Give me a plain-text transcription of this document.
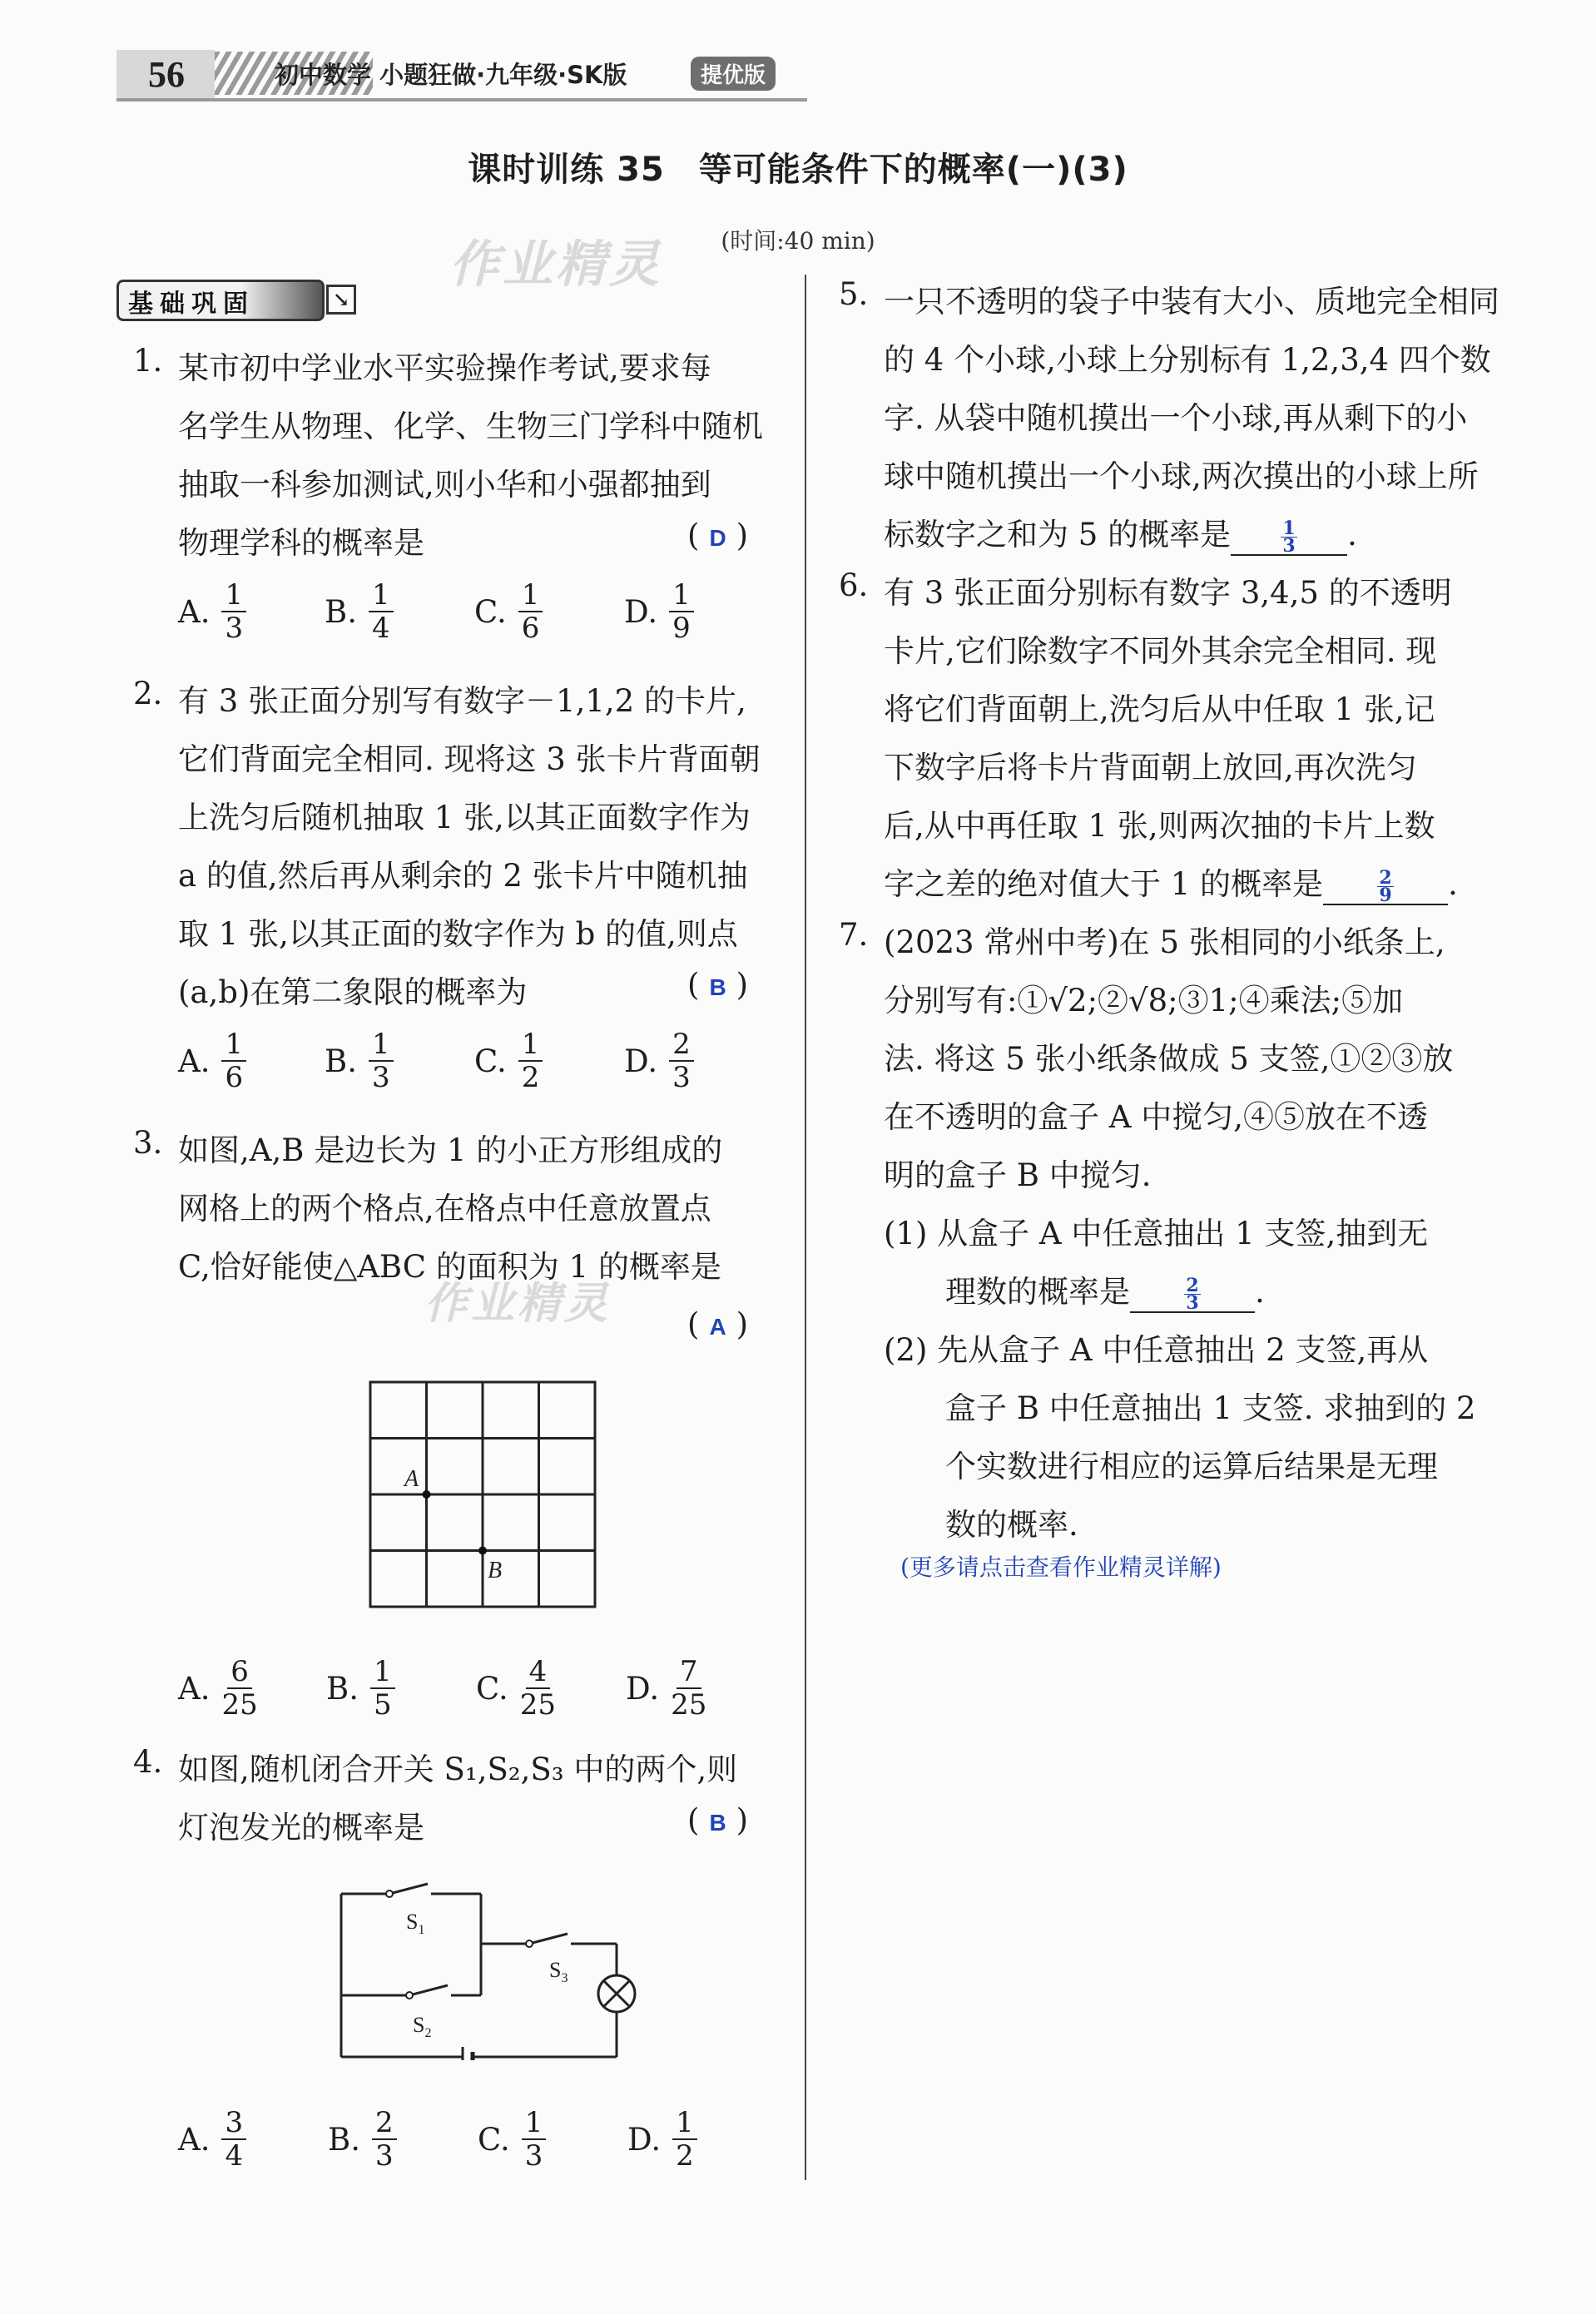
56	初中数学 小题狂做·九年级·SK版	提优版
课时训练 35　等可能条件下的概率(一)(3)
(时间:40 min)
作业精灵
作业精灵
基础巩固	↘
1. 某市初中学业水平实验操作考试,要求每
名学生从物理、化学、生物三门学科中随机
抽取一科参加测试,则小华和小强都抽到
物理学科的概率是	( D )
A. $\frac{1}{3}$	B. $\frac{1}{4}$	C. $\frac{1}{6}$	D. $\frac{1}{9}$
2. 有 3 张正面分别写有数字－1,1,2 的卡片,
它们背面完全相同. 现将这 3 张卡片背面朝
上洗匀后随机抽取 1 张,以其正面数字作为
a 的值,然后再从剩余的 2 张卡片中随机抽
取 1 张,以其正面的数字作为 b 的值,则点
(a,b)在第二象限的概率为	( B )
A. $\frac{1}{6}$	B. $\frac{1}{3}$	C. $\frac{1}{2}$	D. $\frac{2}{3}$
3. 如图,A,B 是边长为 1 的小正方形组成的
网格上的两个格点,在格点中任意放置点
C,恰好能使△ABC 的面积为 1 的概率是
( A )
A
B
A. $\frac{6}{25} B$. $\frac{1}{5}$	C. $\frac{4}{25} D$. $\frac{7}{25}$
4. 如图,随机闭合开关 S₁,S₂,S₃ 中的两个,则
灯泡发光的概率是	( B )
$S_1$
$S_2$
$S_3$
A. $\frac{3}{4}$	B. $\frac{2}{3}$	C. $\frac{1}{3}$	D. $\frac{1}{2}$
5. 一只不透明的袋子中装有大小、质地完全相同
的 4 个小球,小球上分别标有 1,2,3,4 四个数
字. 从袋中随机摸出一个小球,再从剩下的小
球中随机摸出一个小球,两次摸出的小球上所
标数字之和为 5 的概率是	$\frac{1}{3}$ .
6. 有 3 张正面分别标有数字 3,4,5 的不透明
卡片,它们除数字不同外其余完全相同. 现
将它们背面朝上,洗匀后从中任取 1 张,记
下数字后将卡片背面朝上放回,再次洗匀
后,从中再任取 1 张,则两次抽的卡片上数
字之差的绝对值大于 1 的概率是	$\frac{2}{9}$ .
7. (2023 常州中考)在 5 张相同的小纸条上,
分别写有:①√2;②√8;③1;④乘法;⑤加
法. 将这 5 张小纸条做成 5 支签,①②③放
在不透明的盒子 A 中搅匀,④⑤放在不透
明的盒子 B 中搅匀.
(1) 从盒子 A 中任意抽出 1 支签,抽到无
理数的概率是	$\frac{2}{3}$ .
(2) 先从盒子 A 中任意抽出 2 支签,再从
盒子 B 中任意抽出 1 支签. 求抽到的 2
个实数进行相应的运算后结果是无理
数的概率.
(更多请点击查看作业精灵详解)
